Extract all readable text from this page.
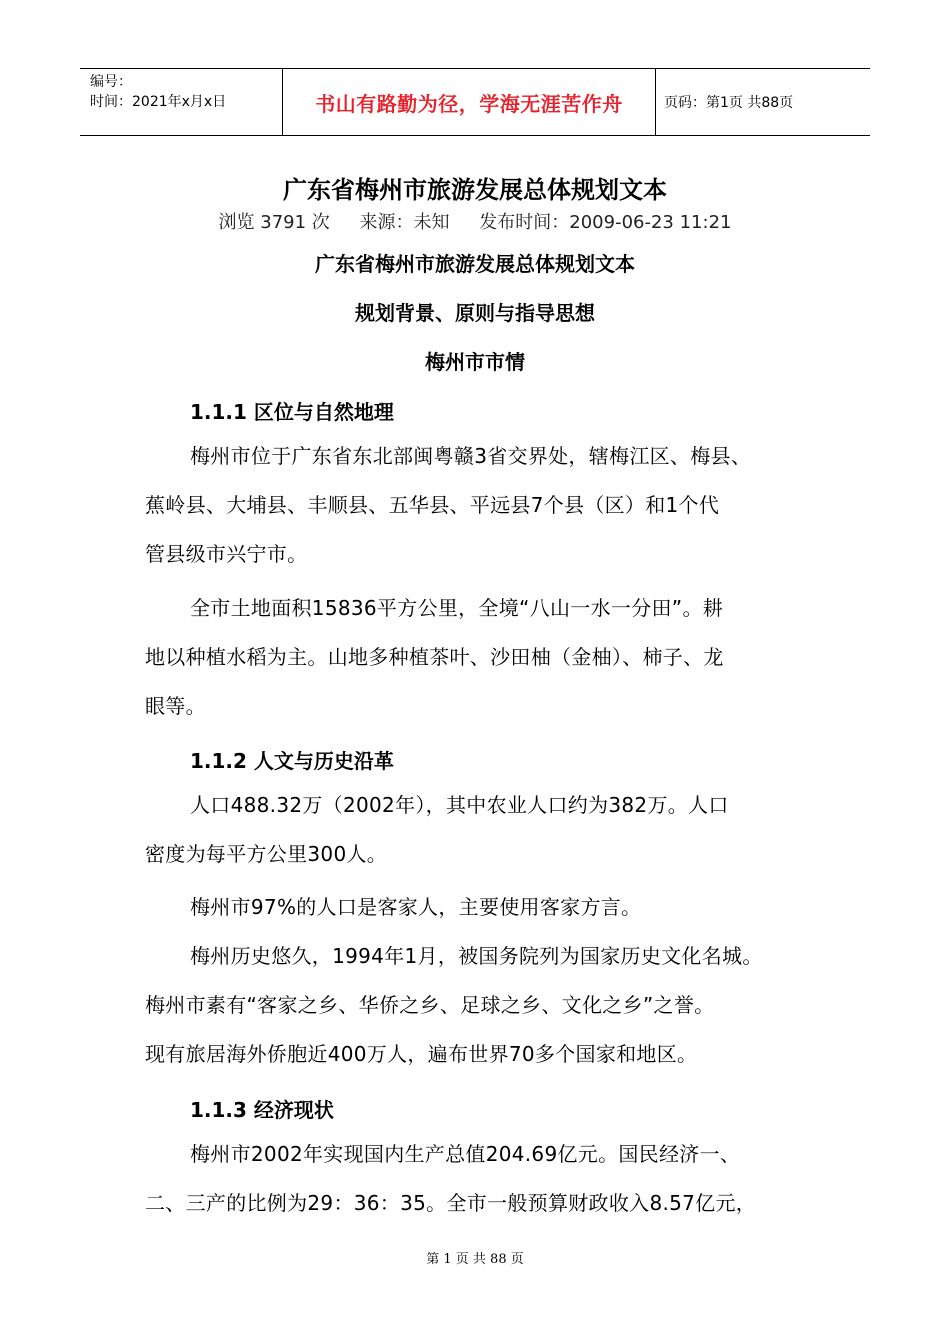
编号：
时间：2021年x月x日	书山有路勤为径，学海无涯苦作舟	页码：第1页 共88页
广东省梅州市旅游发展总体规划文本
浏览 3791 次 来源：未知 发布时间：2009-06-23 11:21
广东省梅州市旅游发展总体规划文本
规划背景、原则与指导思想
梅州市市情
1.1.1 区位与自然地理
梅州市位于广东省东北部闽粤赣3省交界处，辖梅江区、梅县、
蕉岭县、大埔县、丰顺县、五华县、平远县7个县（区）和1个代
管县级市兴宁市。
全市土地面积15836平方公里，全境“八山一水一分田”。耕
地以种植水稻为主。山地多种植茶叶、沙田柚（金柚）、柿子、龙
眼等。
1.1.2 人文与历史沿革
人口488.32万（2002年），其中农业人口约为382万。人口
密度为每平方公里300人。
梅州市97%的人口是客家人，主要使用客家方言。
梅州历史悠久，1994年1月，被国务院列为国家历史文化名城。
梅州市素有“客家之乡、华侨之乡、足球之乡、文化之乡”之誉。
现有旅居海外侨胞近400万人，遍布世界70多个国家和地区。
1.1.3 经济现状
梅州市2002年实现国内生产总值204.69亿元。国民经济一、
二、三产的比例为29：36：35。全市一般预算财政收入8.57亿元，
第 1 页 共 88 页
